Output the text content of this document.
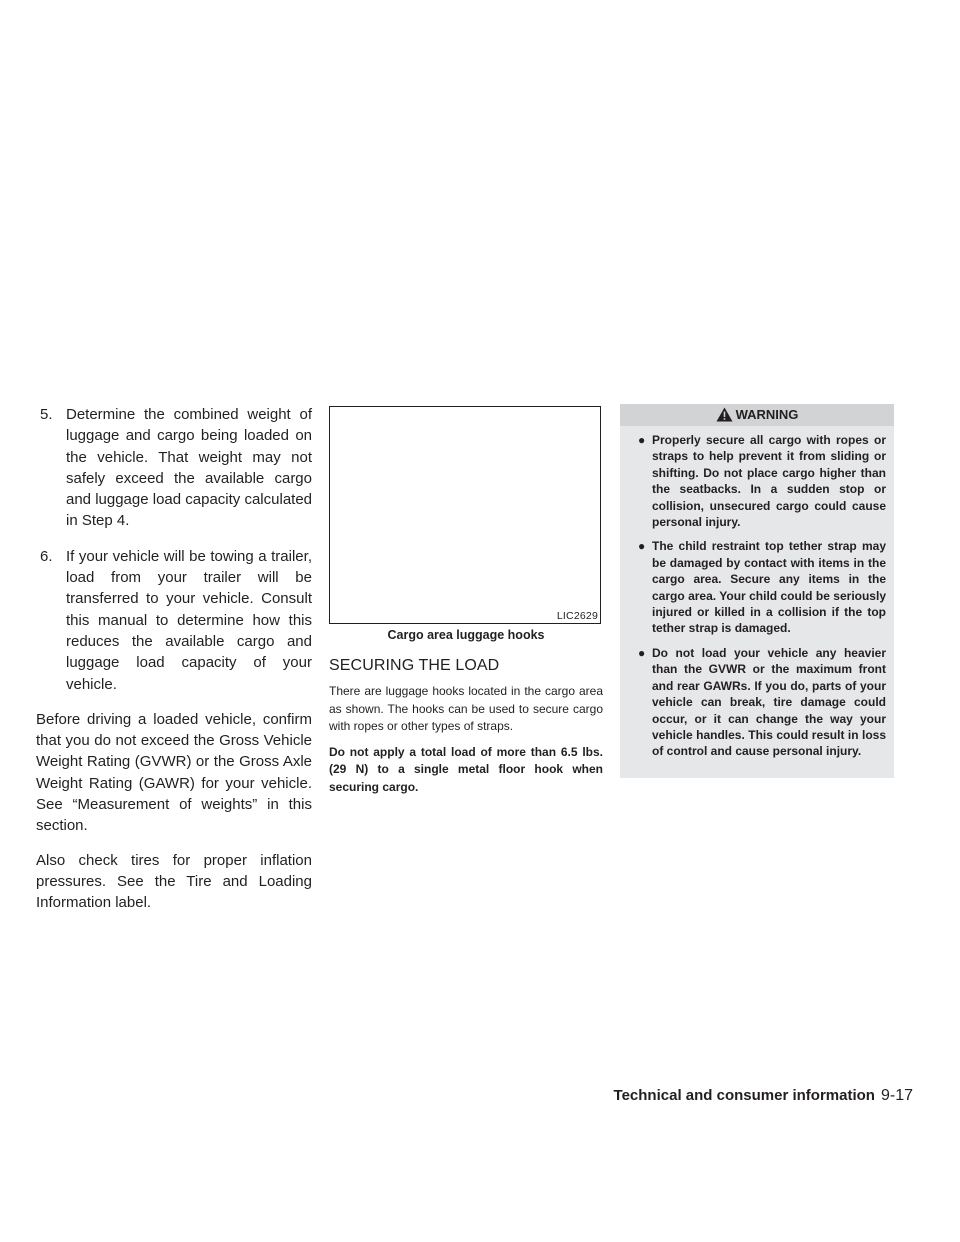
5. Determine the combined weight of luggage and cargo being loaded on the vehicle. That weight may not safely exceed the available cargo and luggage load capacity calculated in Step 4.
6. If your vehicle will be towing a trailer, load from your trailer will be transferred to your vehicle. Consult this manual to determine how this reduces the available cargo and luggage load capacity of your vehicle.

Before driving a loaded vehicle, confirm that you do not exceed the Gross Vehicle Weight Rating (GVWR) or the Gross Axle Weight Rating (GAWR) for your vehicle. See “Measurement of weights” in this section.

Also check tires for proper inflation pressures. See the Tire and Loading Information label.

LIC2629
Cargo area luggage hooks
SECURING THE LOAD

There are luggage hooks located in the cargo area as shown. The hooks can be used to secure cargo with ropes or other types of straps.

Do not apply a total load of more than 6.5 lbs. (29 N) to a single metal floor hook when securing cargo.

WARNING
● Properly secure all cargo with ropes or straps to help prevent it from sliding or shifting. Do not place cargo higher than the seatbacks. In a sudden stop or collision, unsecured cargo could cause personal injury.
● The child restraint top tether strap may be damaged by contact with items in the cargo area. Secure any items in the cargo area. Your child could be seriously injured or killed in a collision if the top tether strap is damaged.
● Do not load your vehicle any heavier than the GVWR or the maximum front and rear GAWRs. If you do, parts of your vehicle can break, tire damage could occur, or it can change the way your vehicle handles. This could result in loss of control and cause personal injury.
Technical and consumer information 9-17
